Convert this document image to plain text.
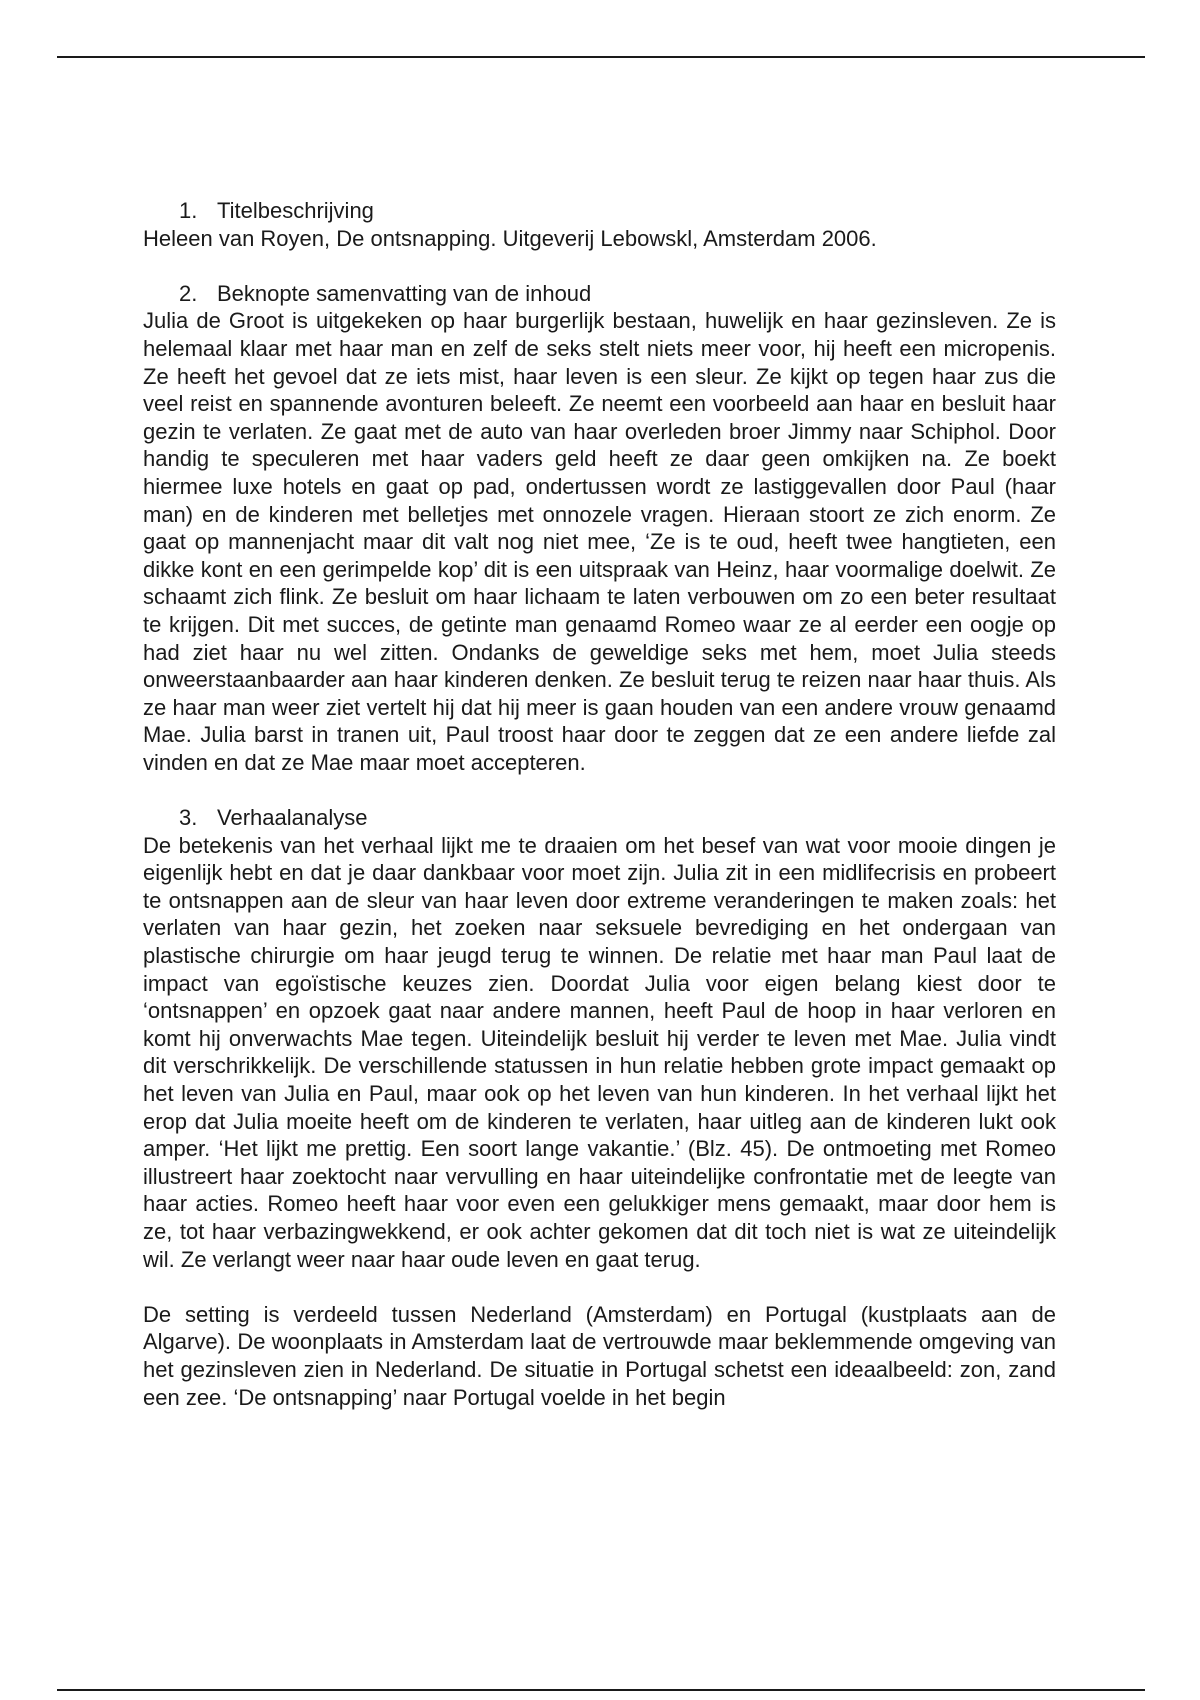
1. Titelbeschrijving

Heleen van Royen, De ontsnapping. Uitgeverij Lebowskl, Amsterdam 2006.

2. Beknopte samenvatting van de inhoud

Julia de Groot is uitgekeken op haar burgerlijk bestaan, huwelijk en haar gezinsleven. Ze is helemaal klaar met haar man en zelf de seks stelt niets meer voor, hij heeft een micropenis. Ze heeft het gevoel dat ze iets mist, haar leven is een sleur. Ze kijkt op tegen haar zus die veel reist en spannende avonturen beleeft. Ze neemt een voorbeeld aan haar en besluit haar gezin te verlaten. Ze gaat met de auto van haar overleden broer Jimmy naar Schiphol. Door handig te speculeren met haar vaders geld heeft ze daar geen omkijken na. Ze boekt hiermee luxe hotels en gaat op pad, ondertussen wordt ze lastiggevallen door Paul (haar man) en de kinderen met belletjes met onnozele vragen. Hieraan stoort ze zich enorm. Ze gaat op mannenjacht maar dit valt nog niet mee, ‘Ze is te oud, heeft twee hangtieten, een dikke kont en een gerimpelde kop’ dit is een uitspraak van Heinz, haar voormalige doelwit. Ze schaamt zich flink. Ze besluit om haar lichaam te laten verbouwen om zo een beter resultaat te krijgen. Dit met succes, de getinte man genaamd Romeo waar ze al eerder een oogje op had ziet haar nu wel zitten. Ondanks de geweldige seks met hem, moet Julia steeds onweerstaanbaarder aan haar kinderen denken. Ze besluit terug te reizen naar haar thuis. Als ze haar man weer ziet vertelt hij dat hij meer is gaan houden van een andere vrouw genaamd Mae. Julia barst in tranen uit, Paul troost haar door te zeggen dat ze een andere liefde zal vinden en dat ze Mae maar moet accepteren.

3. Verhaalanalyse

De betekenis van het verhaal lijkt me te draaien om het besef van wat voor mooie dingen je eigenlijk hebt en dat je daar dankbaar voor moet zijn. Julia zit in een midlifecrisis en probeert te ontsnappen aan de sleur van haar leven door extreme veranderingen te maken zoals: het verlaten van haar gezin, het zoeken naar seksuele bevrediging en het ondergaan van plastische chirurgie om haar jeugd terug te winnen. De relatie met haar man Paul laat de impact van egoïstische keuzes zien. Doordat Julia voor eigen belang kiest door te ‘ontsnappen’ en opzoek gaat naar andere mannen, heeft Paul de hoop in haar verloren en komt hij onverwachts Mae tegen. Uiteindelijk besluit hij verder te leven met Mae. Julia vindt dit verschrikkelijk. De verschillende statussen in hun relatie hebben grote impact gemaakt op het leven van Julia en Paul, maar ook op het leven van hun kinderen. In het verhaal lijkt het erop dat Julia moeite heeft om de kinderen te verlaten, haar uitleg aan de kinderen lukt ook amper. ‘Het lijkt me prettig. Een soort lange vakantie.’ (Blz. 45). De ontmoeting met Romeo illustreert haar zoektocht naar vervulling en haar uiteindelijke confrontatie met de leegte van haar acties. Romeo heeft haar voor even een gelukkiger mens gemaakt, maar door hem is ze, tot haar verbazingwekkend, er ook achter gekomen dat dit toch niet is wat ze uiteindelijk wil. Ze verlangt weer naar haar oude leven en gaat terug.

De setting is verdeeld tussen Nederland (Amsterdam) en Portugal (kustplaats aan de Algarve). De woonplaats in Amsterdam laat de vertrouwde maar beklemmende omgeving van het gezinsleven zien in Nederland. De situatie in Portugal schetst een ideaalbeeld: zon, zand een zee. ‘De ontsnapping’ naar Portugal voelde in het begin
